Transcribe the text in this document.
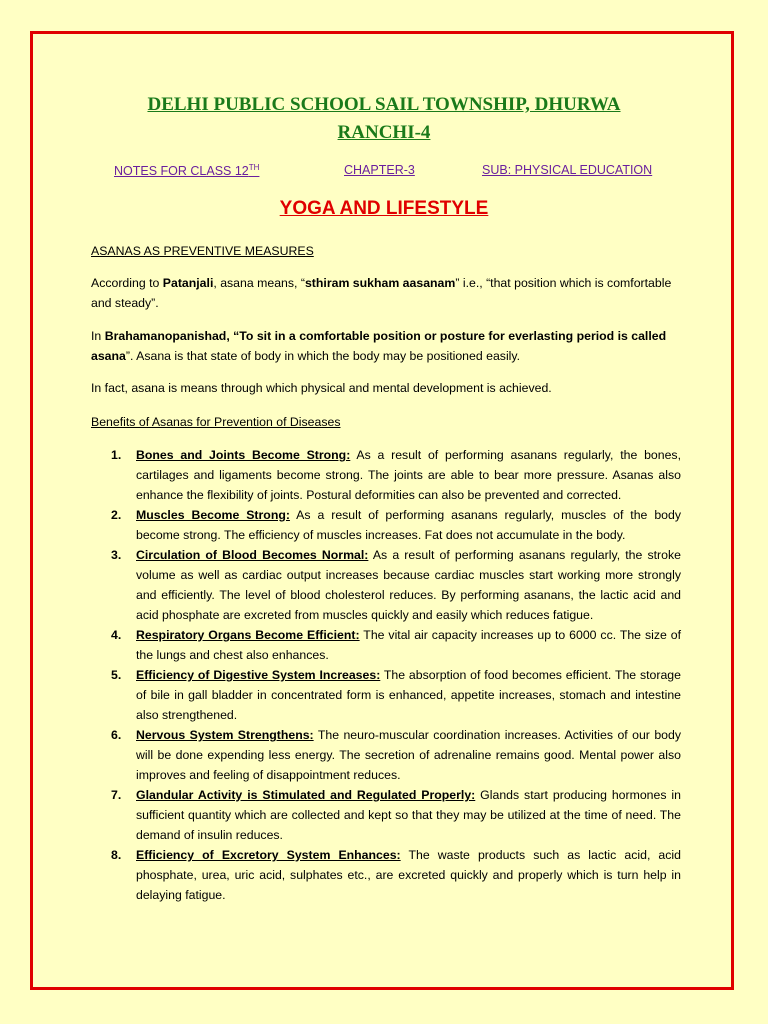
DELHI PUBLIC SCHOOL SAIL TOWNSHIP, DHURWA
RANCHI-4
NOTES FOR CLASS 12TH	CHAPTER-3	SUB: PHYSICAL EDUCATION
YOGA AND LIFESTYLE
ASANAS AS PREVENTIVE MEASURES
According to Patanjali, asana means, “sthiram sukham aasanam” i.e., “that position which is comfortable and steady”.
In Brahamanopanishad, “To sit in a comfortable position or posture for everlasting period is called asana”. Asana is that state of body in which the body may be positioned easily.
In fact, asana is means through which physical and mental development is achieved.
Benefits of Asanas for Prevention of Diseases
1. Bones and Joints Become Strong: As a result of performing asanans regularly, the bones, cartilages and ligaments become strong. The joints are able to bear more pressure. Asanas also enhance the flexibility of joints. Postural deformities can also be prevented and corrected.
2. Muscles Become Strong: As a result of performing asanans regularly, muscles of the body become strong. The efficiency of muscles increases. Fat does not accumulate in the body.
3. Circulation of Blood Becomes Normal: As a result of performing asanans regularly, the stroke volume as well as cardiac output increases because cardiac muscles start working more strongly and efficiently. The level of blood cholesterol reduces. By performing asanans, the lactic acid and acid phosphate are excreted from muscles quickly and easily which reduces fatigue.
4. Respiratory Organs Become Efficient: The vital air capacity increases up to 6000 cc. The size of the lungs and chest also enhances.
5. Efficiency of Digestive System Increases: The absorption of food becomes efficient. The storage of bile in gall bladder in concentrated form is enhanced, appetite increases, stomach and intestine also strengthened.
6. Nervous System Strengthens: The neuro-muscular coordination increases. Activities of our body will be done expending less energy. The secretion of adrenaline remains good. Mental power also improves and feeling of disappointment reduces.
7. Glandular Activity is Stimulated and Regulated Properly: Glands start producing hormones in sufficient quantity which are collected and kept so that they may be utilized at the time of need. The demand of insulin reduces.
8. Efficiency of Excretory System Enhances: The waste products such as lactic acid, acid phosphate, urea, uric acid, sulphates etc., are excreted quickly and properly which is turn help in delaying fatigue.
